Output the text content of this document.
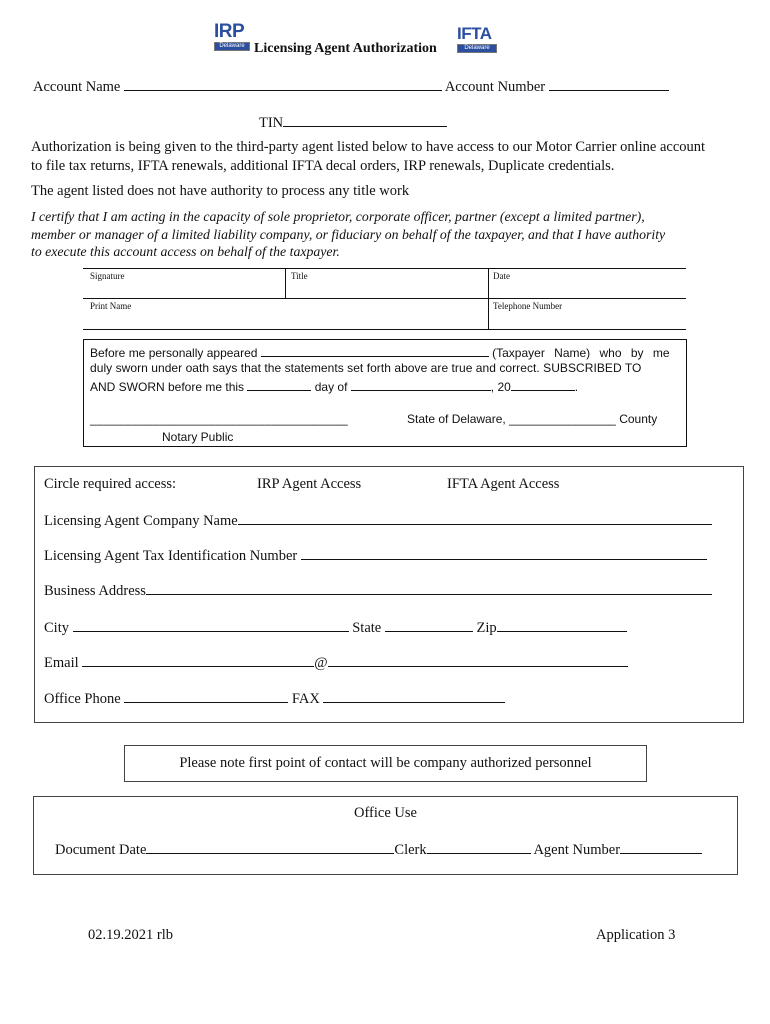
IRP
Delaware Licensing Agent Authorization
IFTA
Delaware
Account Name	Account Number
TIN
Authorization is being given to the third-party agent listed below to have access to our Motor Carrier online account
to file tax returns, IFTA renewals, additional IFTA decal orders, IRP renewals, Duplicate credentials.
The agent listed does not have authority to process any title work
I certify that I am acting in the capacity of sole proprietor, corporate officer, partner (except a limited partner),
member or manager of a limited liability company, or fiduciary on behalf of the taxpayer, and that I have authority
to execute this account access on behalf of the taxpayer.
Signature	Title	Date
Print Name	Telephone Number
Before me personally appeared	(Taxpayer Name) who by me
duly sworn under oath says that the statements set forth above are true and correct. SUBSCRIBED TO
AND SWORN before me this	day of	, 20	.
_____________________________________	State of Delaware, ________________ County
Notary Public
Circle required access:	IRP Agent Access	IFTA Agent Access
Licensing Agent Company Name
Licensing Agent Tax Identification Number
Business Address
City	State	Zip
Email	@
Office Phone	FAX
Please note first point of contact will be company authorized personnel
Office Use
Document Date	Clerk	Agent Number
02.19.2021 rlb	Application 3
